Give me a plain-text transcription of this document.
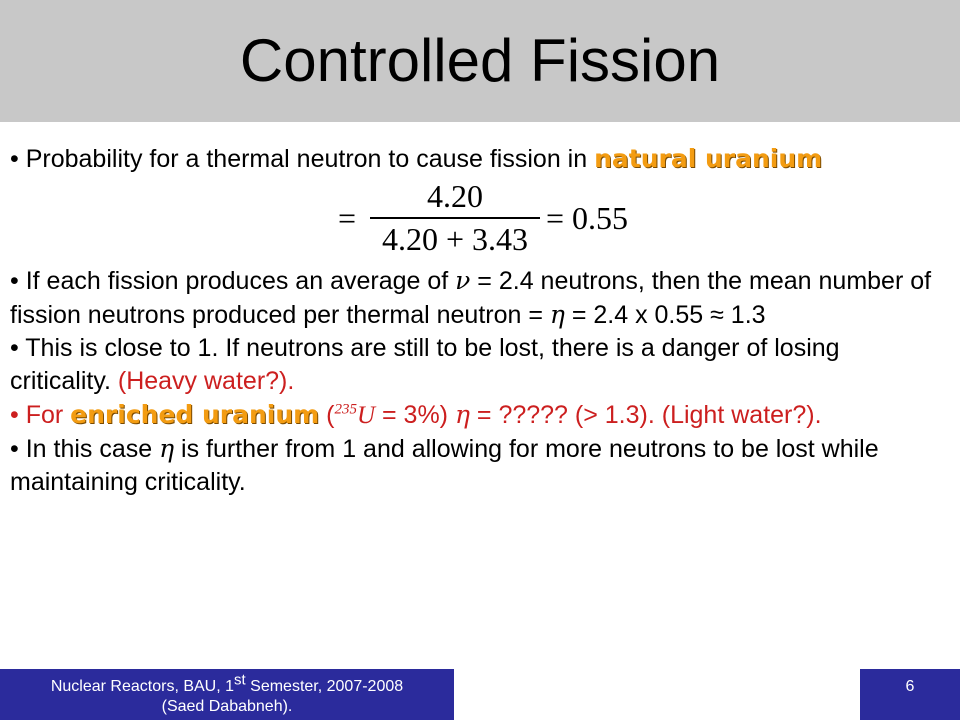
Controlled Fission

• Probability for a thermal neutron to cause fission in natural uranium

=
4.20
4.20 + 3.43
= 0.55

• If each fission produces an average of ν = 2.4 neutrons, then the mean number of fission neutrons produced per thermal neutron = η = 2.4 x 0.55 ≈ 1.3

• This is close to 1. If neutrons are still to be lost, there is a danger of losing criticality. (Heavy water?).

• For enriched uranium ($^{235}$U = 3%) η = ????? (> 1.3). (Light water?).

• In this case η is further from 1 and allowing for more neutrons to be lost while maintaining criticality.

Nuclear Reactors, BAU, 1st Semester, 2007-2008
(Saed Dababneh).
6
